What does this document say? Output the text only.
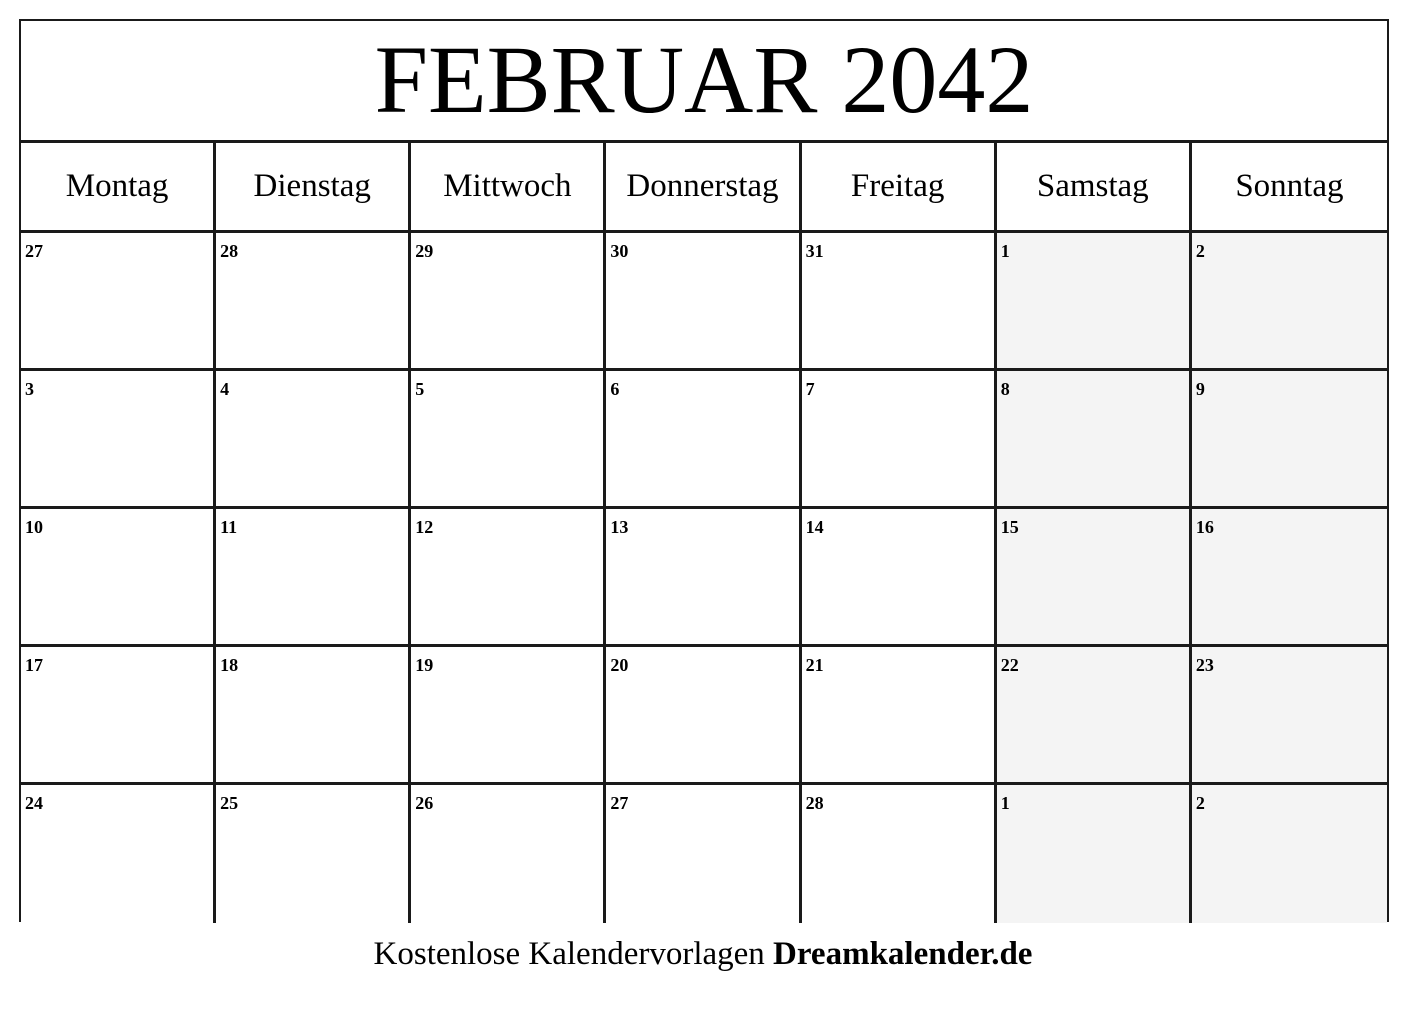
FEBRUAR 2042
Montag	Dienstag	Mittwoch	Donnerstag	Freitag	Samstag	Sonntag
27	28	29	30	31	1	2
3	4	5	6	7	8	9
10	11	12	13	14	15	16
17	18	19	20	21	22	23
24	25	26	27	28	1	2
Kostenlose Kalendervorlagen Dreamkalender.de
